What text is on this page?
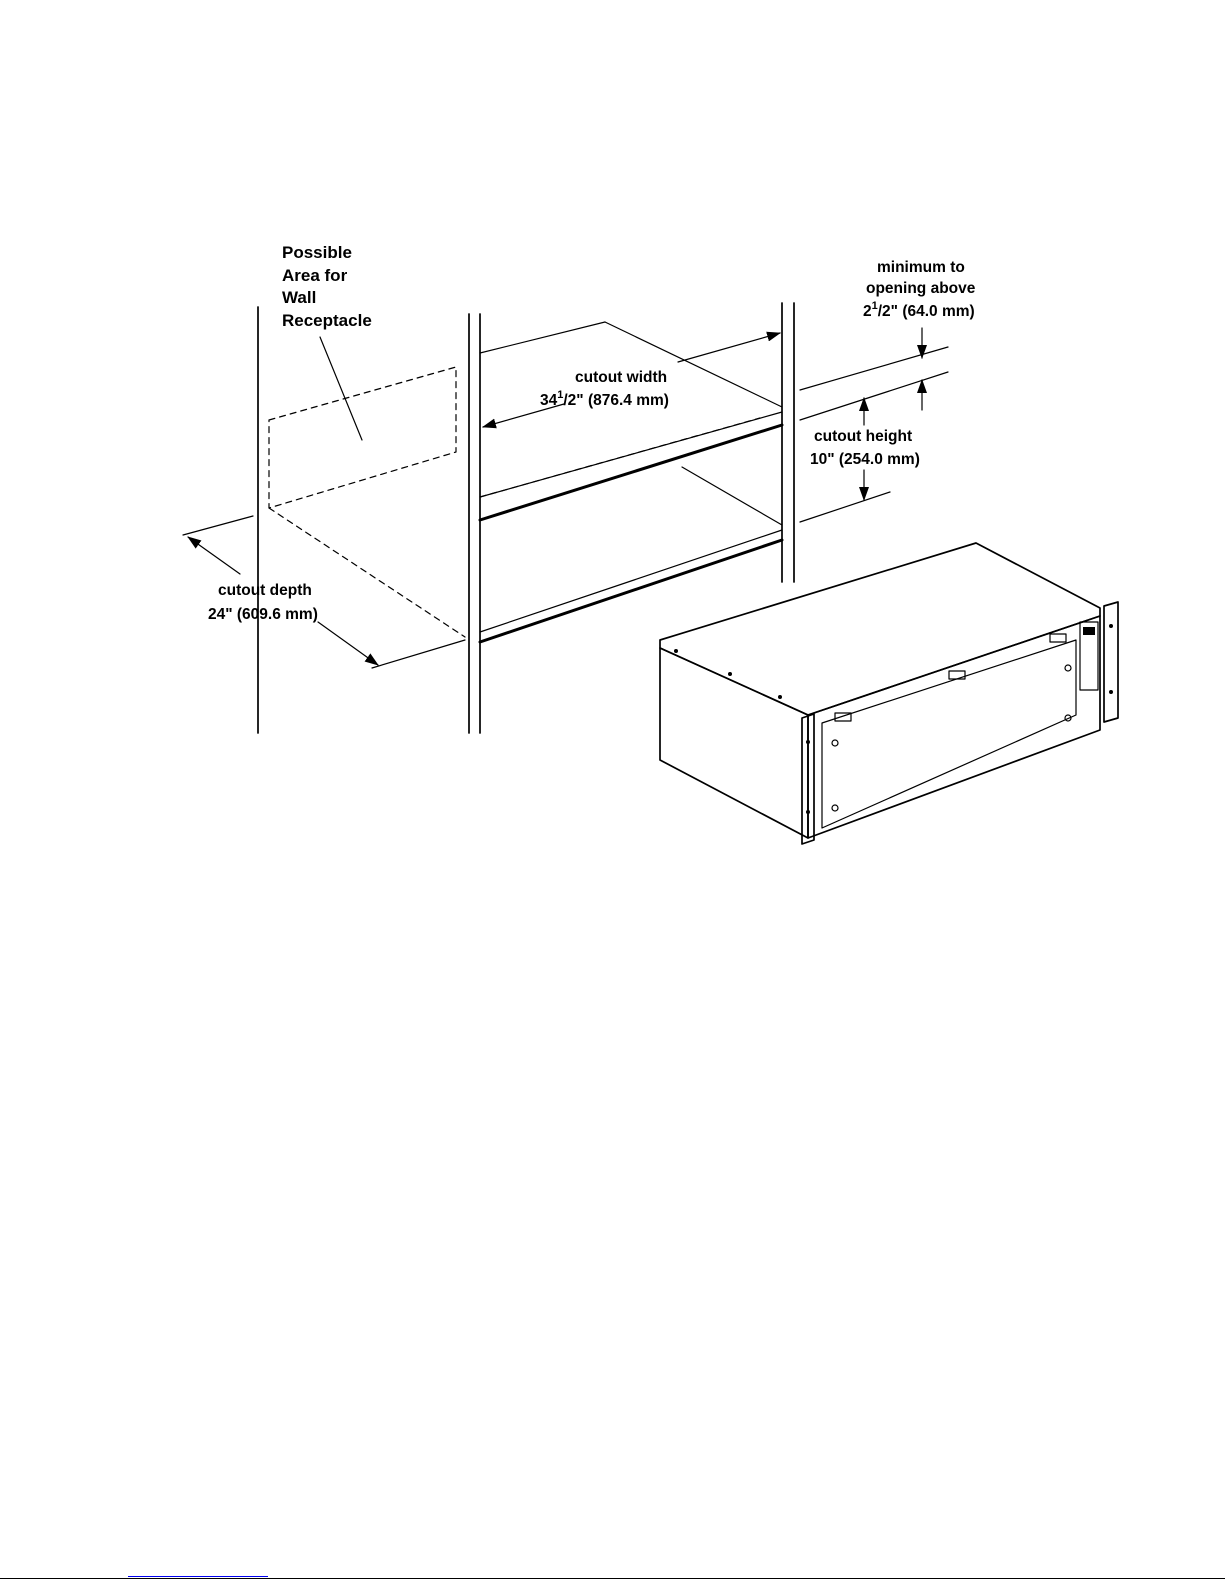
Possible
Area for
Wall
Receptacle
cutout width
$34^1/2$" (876.4 mm)
minimum to
opening above
$2^1/2$" (64.0 mm)
cutout height
10" (254.0 mm)
cutout depth
24" (609.6 mm)
